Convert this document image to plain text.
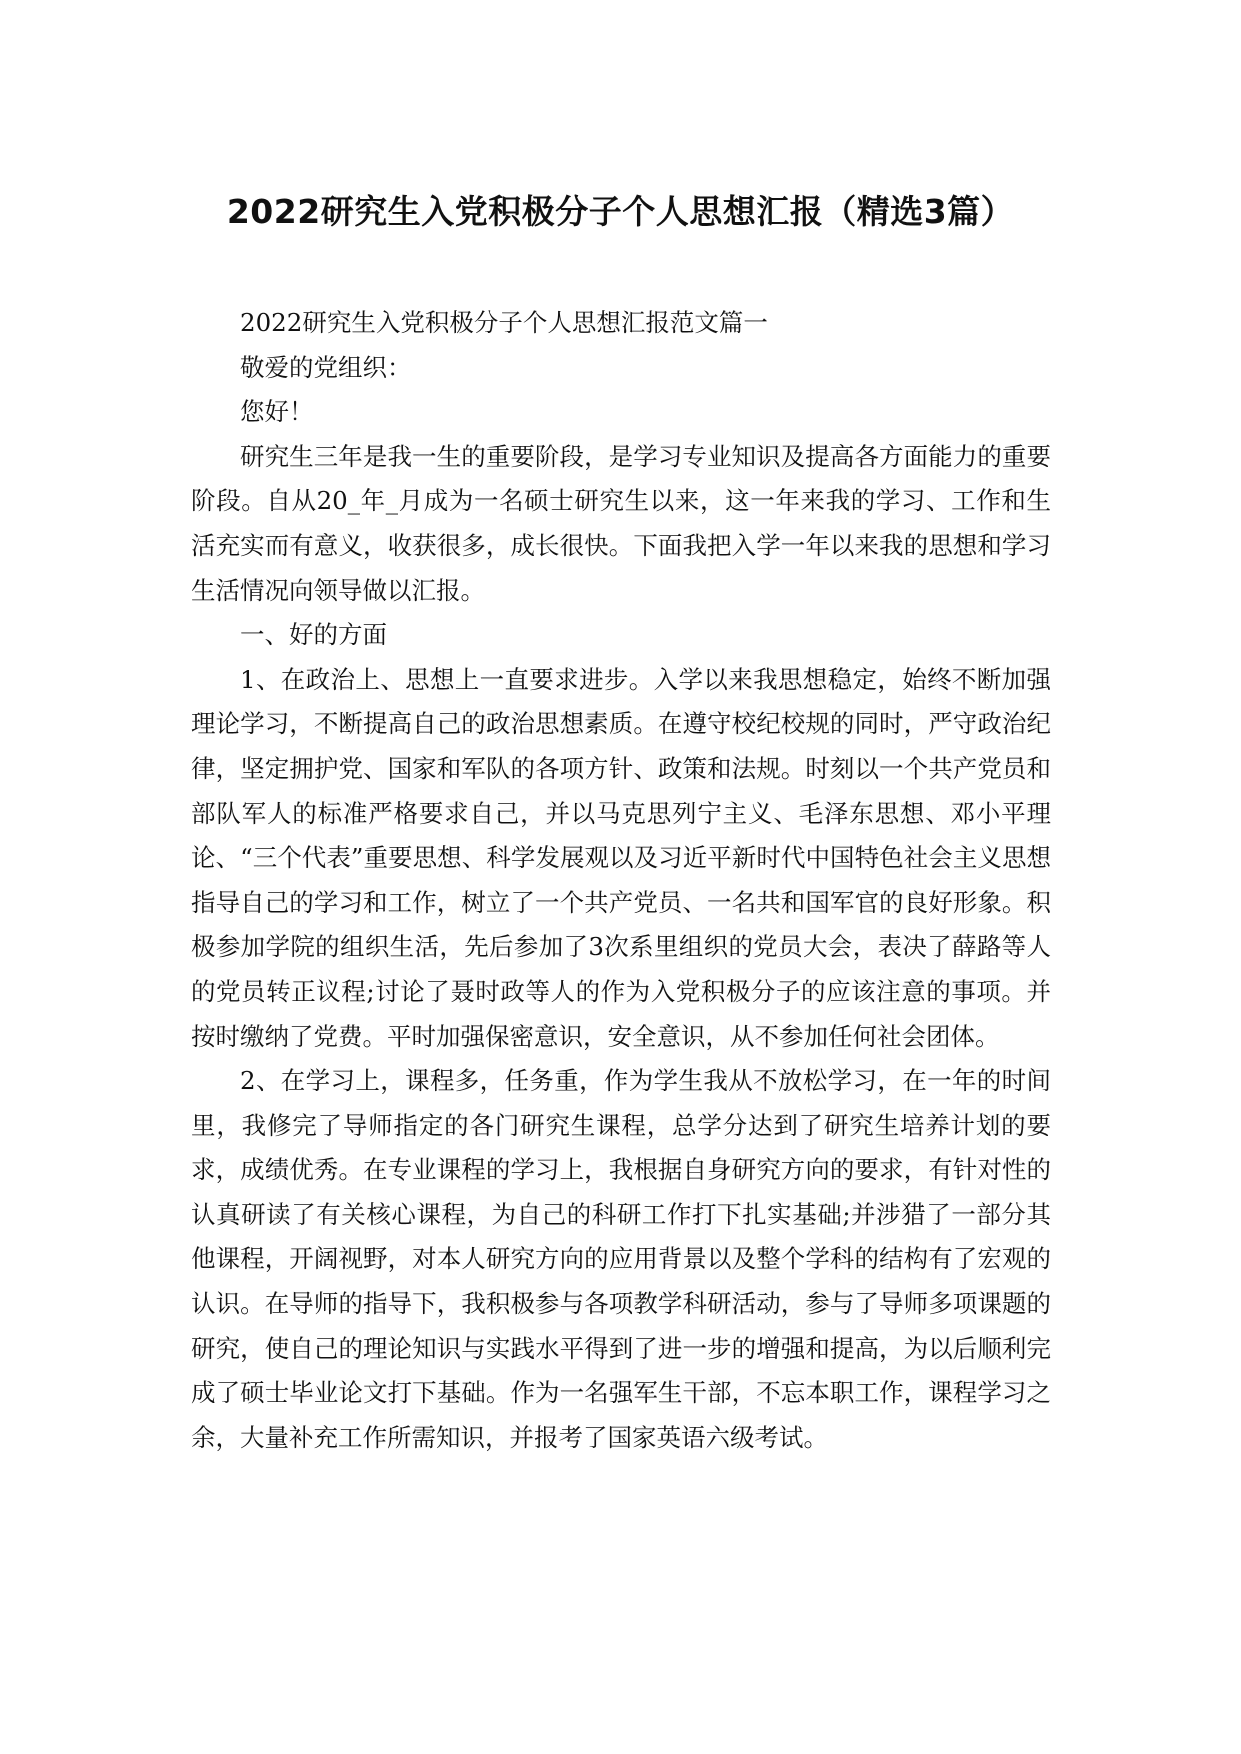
2022研究生入党积极分子个人思想汇报（精选3篇）

2022研究生入党积极分子个人思想汇报范文篇一

敬爱的党组织：

您好！

研究生三年是我一生的重要阶段，是学习专业知识及提高各方面能力的重要阶段。自从20_年_月成为一名硕士研究生以来，这一年来我的学习、工作和生活充实而有意义，收获很多，成长很快。下面我把入学一年以来我的思想和学习生活情况向领导做以汇报。

一、好的方面

1、在政治上、思想上一直要求进步。入学以来我思想稳定，始终不断加强理论学习，不断提高自己的政治思想素质。在遵守校纪校规的同时，严守政治纪律，坚定拥护党、国家和军队的各项方针、政策和法规。时刻以一个共产党员和部队军人的标准严格要求自己，并以马克思列宁主义、毛泽东思想、邓小平理论、“三个代表”重要思想、科学发展观以及习近平新时代中国特色社会主义思想指导自己的学习和工作，树立了一个共产党员、一名共和国军官的良好形象。积极参加学院的组织生活，先后参加了3次系里组织的党员大会，表决了薛路等人的党员转正议程;讨论了聂时政等人的作为入党积极分子的应该注意的事项。并按时缴纳了党费。平时加强保密意识，安全意识，从不参加任何社会团体。

2、在学习上，课程多，任务重，作为学生我从不放松学习，在一年的时间里，我修完了导师指定的各门研究生课程，总学分达到了研究生培养计划的要求，成绩优秀。在专业课程的学习上，我根据自身研究方向的要求，有针对性的认真研读了有关核心课程，为自己的科研工作打下扎实基础;并涉猎了一部分其他课程，开阔视野，对本人研究方向的应用背景以及整个学科的结构有了宏观的认识。在导师的指导下，我积极参与各项教学科研活动，参与了导师多项课题的研究，使自己的理论知识与实践水平得到了进一步的增强和提高，为以后顺利完成了硕士毕业论文打下基础。作为一名强军生干部，不忘本职工作，课程学习之余，大量补充工作所需知识，并报考了国家英语六级考试。
